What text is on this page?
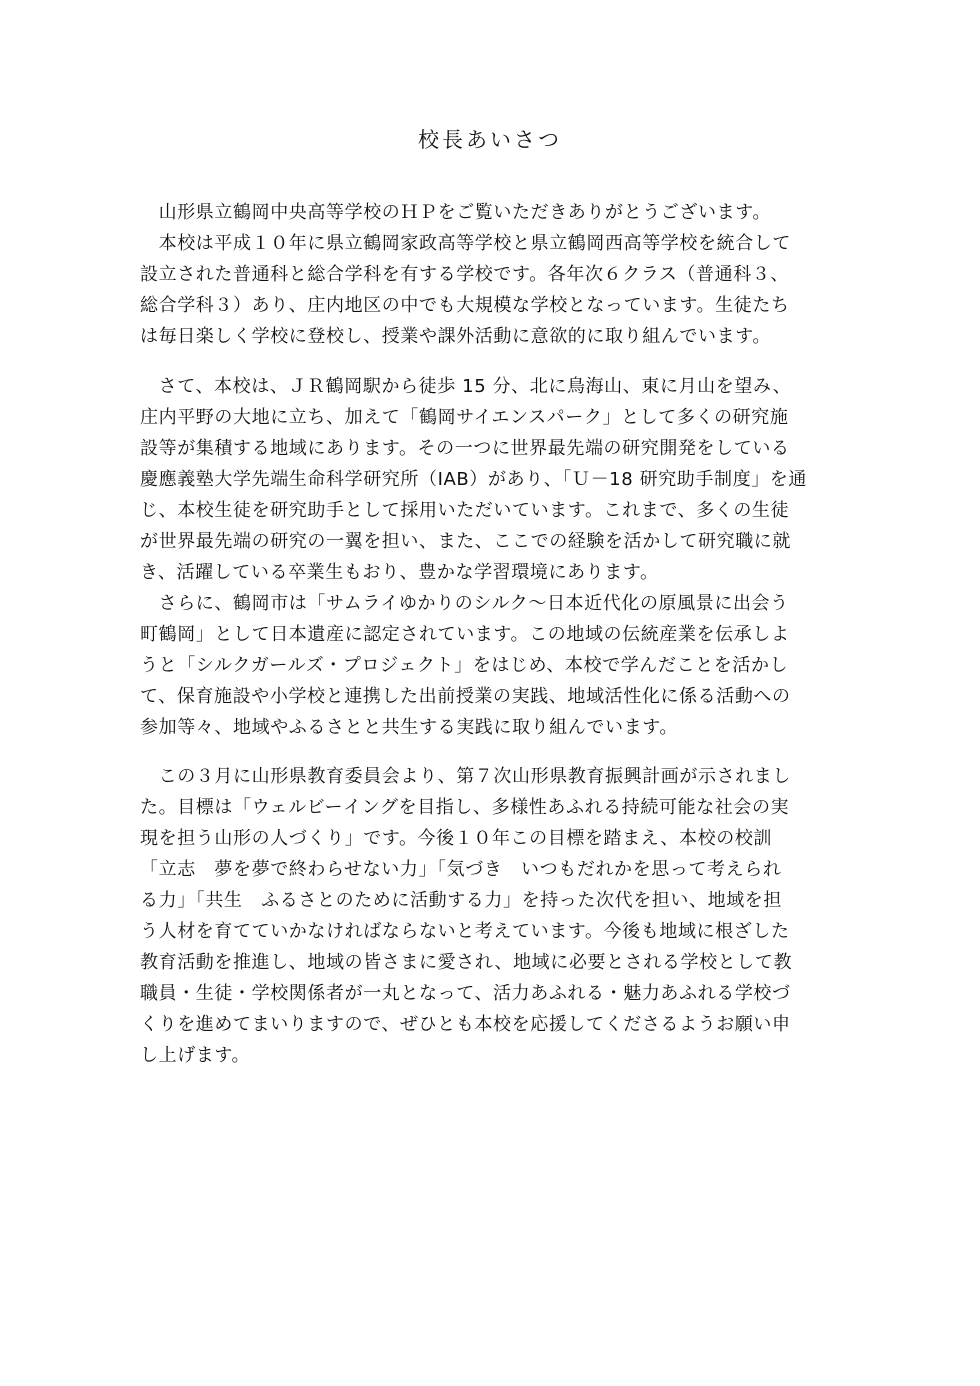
校長あいさつ
　山形県立鶴岡中央高等学校のＨＰをご覧いただきありがとうございます。
　本校は平成１０年に県立鶴岡家政高等学校と県立鶴岡西高等学校を統合して
設立された普通科と総合学科を有する学校です。各年次６クラス（普通科３、
総合学科３）あり、庄内地区の中でも大規模な学校となっています。生徒たち
は毎日楽しく学校に登校し、授業や課外活動に意欲的に取り組んでいます。
　さて、本校は、ＪＲ鶴岡駅から徒歩 15 分、北に鳥海山、東に月山を望み、
庄内平野の大地に立ち、加えて「鶴岡サイエンスパーク」として多くの研究施
設等が集積する地域にあります。その一つに世界最先端の研究開発をしている
慶應義塾大学先端生命科学研究所（IAB）があり、「Ｕ－18 研究助手制度」を通
じ、本校生徒を研究助手として採用いただいています。これまで、多くの生徒
が世界最先端の研究の一翼を担い、また、ここでの経験を活かして研究職に就
き、活躍している卒業生もおり、豊かな学習環境にあります。
　さらに、鶴岡市は「サムライゆかりのシルク～日本近代化の原風景に出会う
町鶴岡」として日本遺産に認定されています。この地域の伝統産業を伝承しよ
うと「シルクガールズ・プロジェクト」をはじめ、本校で学んだことを活かし
て、保育施設や小学校と連携した出前授業の実践、地域活性化に係る活動への
参加等々、地域やふるさとと共生する実践に取り組んでいます。
　この３月に山形県教育委員会より、第７次山形県教育振興計画が示されまし
た。目標は「ウェルビーイングを目指し、多様性あふれる持続可能な社会の実
現を担う山形の人づくり」です。今後１０年この目標を踏まえ、本校の校訓
「立志　夢を夢で終わらせない力」「気づき　いつもだれかを思って考えられ
る力」「共生　ふるさとのために活動する力」を持った次代を担い、地域を担
う人材を育てていかなければならないと考えています。今後も地域に根ざした
教育活動を推進し、地域の皆さまに愛され、地域に必要とされる学校として教
職員・生徒・学校関係者が一丸となって、活力あふれる・魅力あふれる学校づ
くりを進めてまいりますので、ぜひとも本校を応援してくださるようお願い申
し上げます。
